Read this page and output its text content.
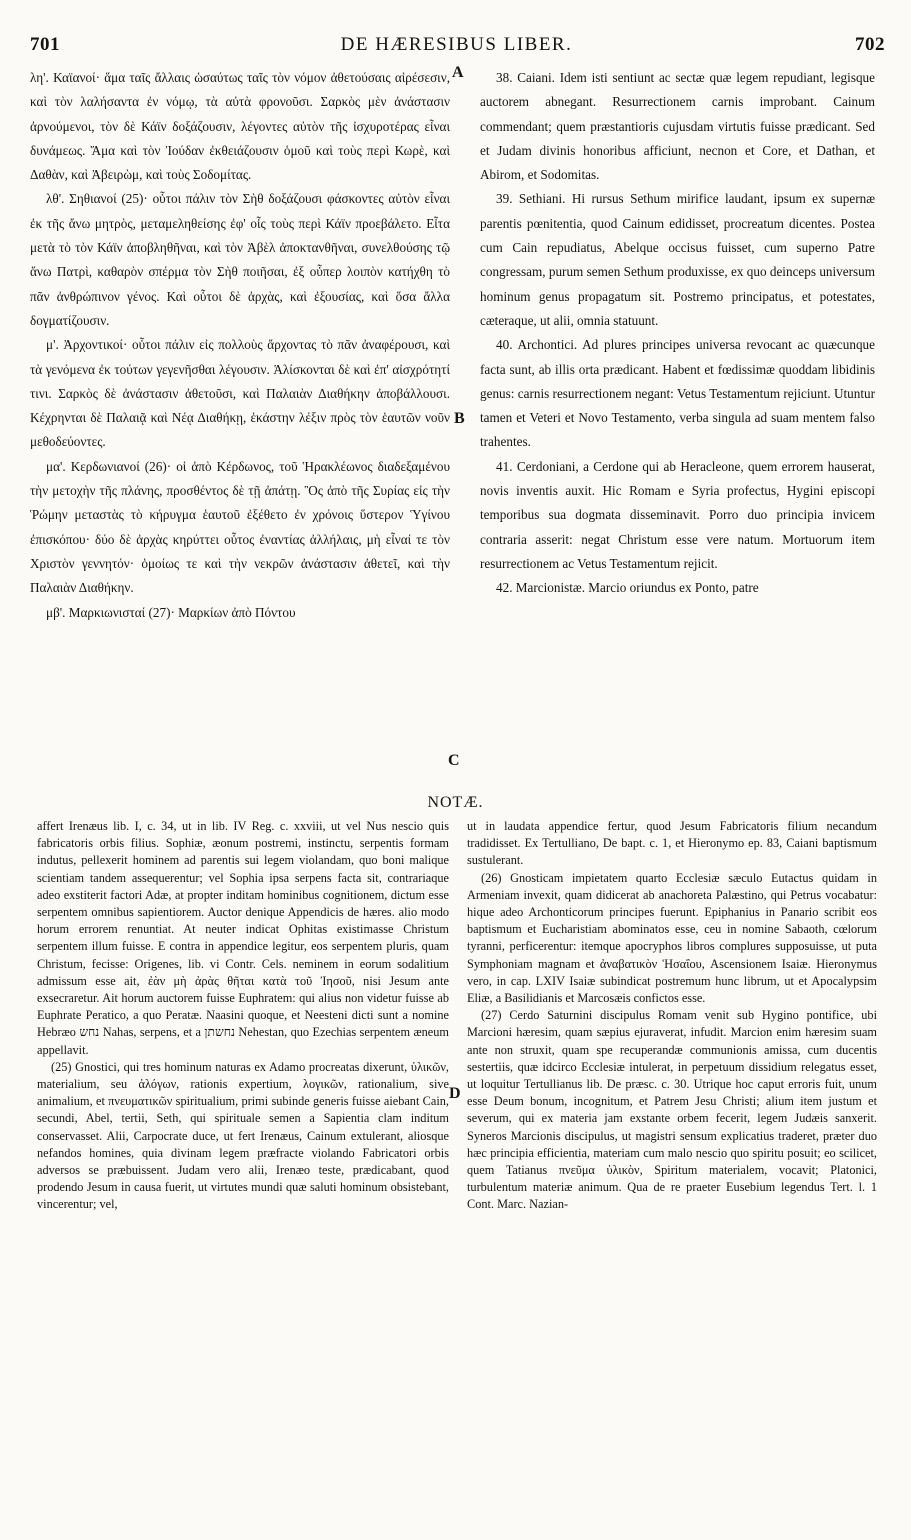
701	DE HÆRESIBUS LIBER.	702

λη'. Καϊανοί· ἅμα ταῖς ἄλλαις ὡσαύτως ταῖς τὸν νόμον ἀθετούσαις αἱρέσεσιν, καὶ τὸν λαλήσαντα ἐν νόμῳ, τὰ αὐτὰ φρονοῦσι. Σαρκὸς μὲν ἀνάστασιν ἀρνούμενοι, τὸν δὲ Κάϊν δοξάζουσιν, λέγοντες αὐτὸν τῆς ἰσχυροτέρας εἶναι δυνάμεως. Ἅμα καὶ τὸν Ἰούδαν ἐκθειάζουσιν ὁμοῦ καὶ τοὺς περὶ Κωρὲ, καὶ Δαθὰν, καὶ Ἀβειρὼμ, καὶ τοὺς Σοδομίτας.

λθ'. Σηθιανοί (25)· οὗτοι πάλιν τὸν Σὴθ δοξάζουσι φάσκοντες αὐτὸν εἶναι ἐκ τῆς ἄνω μητρὸς, μεταμεληθείσης ἐφ' οἷς τοὺς περὶ Κάϊν προεβάλετο. Εἶτα μετὰ τὸ τὸν Κάϊν ἀποβληθῆναι, καὶ τὸν Ἀβὲλ ἀποκτανθῆναι, συνελθούσης τῷ ἄνω Πατρὶ, καθαρὸν σπέρμα τὸν Σὴθ ποιῆσαι, ἐξ οὗπερ λοιπὸν κατήχθη τὸ πᾶν ἀνθρώπινον γένος. Καὶ οὗτοι δὲ ἀρχὰς, καὶ ἐξουσίας, καὶ ὅσα ἄλλα δογματίζουσιν.

μ'. Ἀρχοντικοί· οὗτοι πάλιν εἰς πολλοὺς ἄρχοντας τὸ πᾶν ἀναφέρουσι, καὶ τὰ γενόμενα ἐκ τούτων γεγενῆσθαι λέγουσιν. Ἁλίσκονται δὲ καὶ ἐπ' αἰσχρότητί τινι. Σαρκὸς δὲ ἀνάστασιν ἀθετοῦσι, καὶ Παλαιὰν Διαθήκην ἀποβάλλουσι. Κέχρηνται δὲ Παλαιᾷ καὶ Νέᾳ Διαθήκῃ, ἑκάστην λέξιν πρὸς τὸν ἑαυτῶν νοῦν μεθοδεύοντες.

μα'. Κερδωνιανοί (26)· οἱ ἀπὸ Κέρδωνος, τοῦ Ἡρακλέωνος διαδεξαμένου τὴν μετοχὴν τῆς πλάνης, προσθέντος δὲ τῇ ἀπάτῃ. Ὃς ἀπὸ τῆς Συρίας εἰς τὴν Ῥώμην μεταστὰς τὸ κήρυγμα ἑαυτοῦ ἐξέθετο ἐν χρόνοις ὕστερον Ὑγίνου ἐπισκόπου· δύο δὲ ἀρχὰς κηρύττει οὗτος ἐναντίας ἀλλήλαις, μὴ εἶναί τε τὸν Χριστὸν γεννητόν· ὁμοίως τε καὶ τὴν νεκρῶν ἀνάστασιν ἀθετεῖ, καὶ τὴν Παλαιὰν Διαθήκην.

μβ'. Μαρκιωνισταί (27)· Μαρκίων ἀπὸ Πόντου

38. Caiani. Idem isti sentiunt ac sectæ quæ legem repudiant, legisque auctorem abnegant. Resurrectionem carnis improbant. Cainum commendant; quem præstantioris cujusdam virtutis fuisse prædicant. Sed et Judam divinis honoribus afficiunt, necnon et Core, et Dathan, et Abirom, et Sodomitas.

39. Sethiani. Hi rursus Sethum mirifice laudant, ipsum ex supernæ parentis pœnitentia, quod Cainum edidisset, procreatum dicentes. Postea cum Cain repudiatus, Abelque occisus fuisset, cum superno Patre congressam, purum semen Sethum produxisse, ex quo deinceps universum hominum genus propagatum sit. Postremo principatus, et potestates, cæteraque, ut alii, omnia statuunt.

40. Archontici. Ad plures principes universa revocant ac quæcunque facta sunt, ab illis orta prædicant. Habent et fœdissimæ quoddam libidinis genus: carnis resurrectionem negant: Vetus Testamentum rejiciunt. Utuntur tamen et Veteri et Novo Testamento, verba singula ad suam mentem falso trahentes.

41. Cerdoniani, a Cerdone qui ab Heracleone, quem errorem hauserat, novis inventis auxit. Hic Romam e Syria profectus, Hygini episcopi temporibus sua dogmata disseminavit. Porro duo principia invicem contraria asserit: negat Christum esse vere natum. Mortuorum item resurrectionem ac Vetus Testamentum rejicit.

42. Marcionistæ. Marcio oriundus ex Ponto, patre

A
B
C
D
NOTÆ.

affert Irenæus lib. I, c. 34, ut in lib. IV Reg. c. xxviii, ut vel Nus nescio quis fabricatoris orbis filius. Sophiæ, æonum postremi, instinctu, serpentis formam indutus, pellexerit hominem ad parentis sui legem violandam, quo boni malique scientiam tandem assequerentur; vel Sophia ipsa serpens facta sit, contrariaque adeo exstiterit factori Adæ, at propter inditam hominibus cognitionem, dictum esse serpentem omnibus sapientiorem. Auctor denique Appendicis de hæres. alio modo horum errorem renuntiat. At neuter indicat Ophitas existimasse Christum serpentem illum fuisse. E contra in appendice legitur, eos serpentem pluris, quam Christum, fecisse: Origenes, lib. vi Contr. Cels. neminem in eorum sodalitium admissum esse ait, ἐὰν μὴ ἀρὰς θῆται κατὰ τοῦ Ἰησοῦ, nisi Jesum ante exsecraretur. Ait horum auctorem fuisse Euphratem: qui alius non videtur fuisse ab Euphrate Peratico, a quo Peratæ. Naasini quoque, et Neesteni dicti sunt a nomine Hebræo נחש Nahas, serpens, et a נחשתן Nehestan, quo Ezechias serpentem æneum appellavit.

(25) Gnostici, qui tres hominum naturas ex Adamo procreatas dixerunt, ὑλικῶν, materialium, seu ἀλόγων, rationis expertium, λογικῶν, rationalium, sive animalium, et πνευματικῶν spiritualium, primi subinde generis fuisse aiebant Cain, secundi, Abel, tertii, Seth, qui spirituale semen a Sapientia clam inditum conservasset. Alii, Carpocrate duce, ut fert Irenæus, Cainum extulerant, aliosque nefandos homines, quia divinam legem præfracte violando Fabricatori orbis adversos se præbuissent. Judam vero alii, Irenæo teste, prædicabant, quod prodendo Jesum in causa fuerit, ut virtutes mundi quæ saluti hominum obsistebant, vincerentur; vel,

ut in laudata appendice fertur, quod Jesum Fabricatoris filium necandum tradidisset. Ex Tertulliano, De bapt. c. 1, et Hieronymo ep. 83, Caiani baptismum sustulerant.

(26) Gnosticam impietatem quarto Ecclesiæ sæculo Eutactus quidam in Armeniam invexit, quam didicerat ab anachoreta Palæstino, qui Petrus vocabatur: hique adeo Archonticorum principes fuerunt. Epiphanius in Panario scribit eos baptismum et Eucharistiam abominatos esse, ceu in nomine Sabaoth, cœlorum tyranni, perficerentur: itemque apocryphos libros complures supposuisse, ut puta Symphoniam magnam et ἀναβατικὸν Ἡσαΐου, Ascensionem Isaiæ. Hieronymus vero, in cap. LXIV Isaiæ subindicat postremum hunc librum, ut et Apocalypsim Eliæ, a Basilidianis et Marcosæis confictos esse.

(27) Cerdo Saturnini discipulus Romam venit sub Hygino pontifice, ubi Marcioni hæresim, quam sæpius ejuraverat, infudit. Marcion enim hæresim suam ante non struxit, quam spe recuperandæ communionis amissa, cum ducentis sestertiis, quæ idcirco Ecclesiæ intulerat, in perpetuum dissidium relegatus esset, ut loquitur Tertullianus lib. De præsc. c. 30. Utrique hoc caput erroris fuit, unum esse Deum bonum, incognitum, et Patrem Jesu Christi; alium item justum et severum, qui ex materia jam exstante orbem fecerit, legem Judæis sanxerit. Syneros Marcionis discipulus, ut magistri sensum explicatius traderet, præter duo hæc principia efficientia, materiam cum malo nescio quo spiritu posuit; eo scilicet, quem Tatianus πνεῦμα ὑλικὸν, Spiritum materialem, vocavit; Platonici, turbulentum materiæ animum. Qua de re praeter Eusebium legendus Tert. l. 1 Cont. Marc. Nazian-
